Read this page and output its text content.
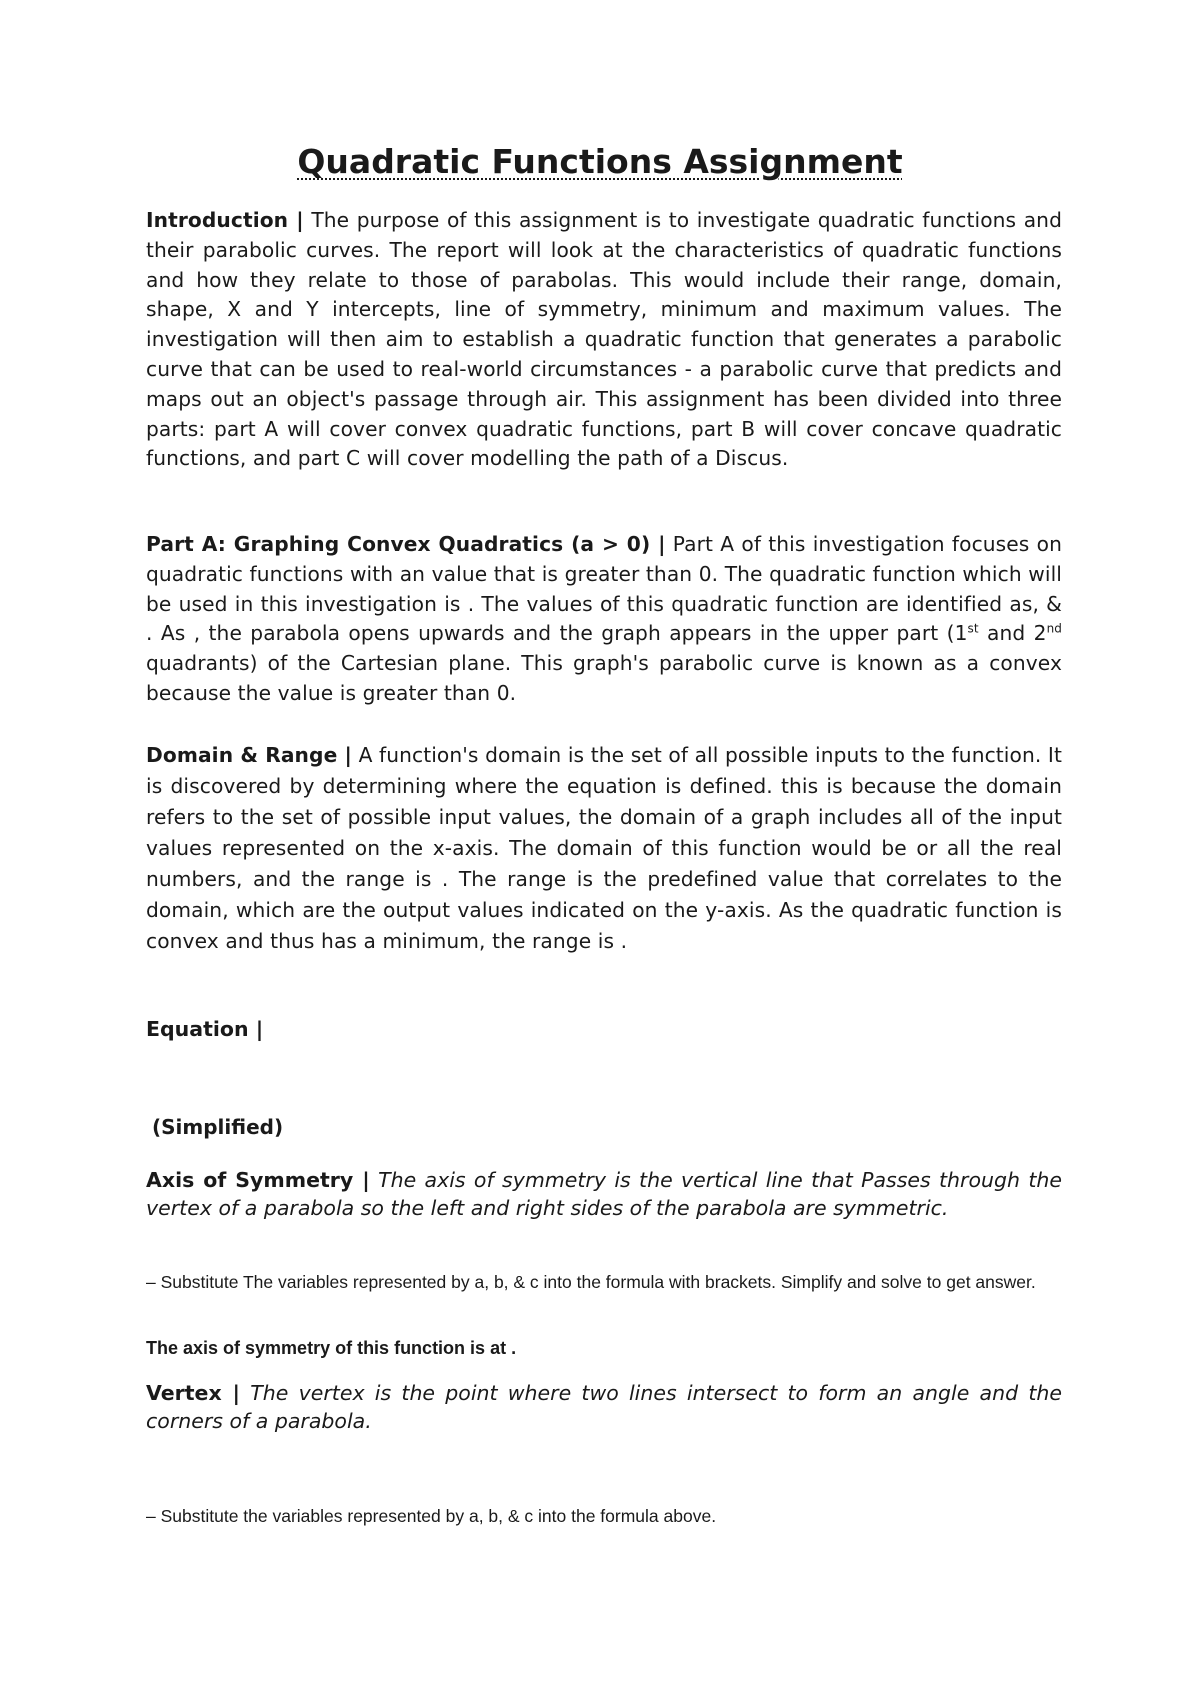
Quadratic Functions Assignment
Introduction | The purpose of this assignment is to investigate quadratic functions and their parabolic curves. The report will look at the characteristics of quadratic functions and how they relate to those of parabolas. This would include their range, domain, shape, X and Y intercepts, line of symmetry, minimum and maximum values. The investigation will then aim to establish a quadratic function that generates a parabolic curve that can be used to real-world circumstances - a parabolic curve that predicts and maps out an object's passage through air. This assignment has been divided into three parts: part A will cover convex quadratic functions, part B will cover concave quadratic functions, and part C will cover modelling the path of a Discus.
Part A: Graphing Convex Quadratics (a > 0) | Part A of this investigation focuses on quadratic functions with an value that is greater than 0. The quadratic function which will be used in this investigation is . The values of this quadratic function are identified as, & . As , the parabola opens upwards and the graph appears in the upper part (1st and 2nd quadrants) of the Cartesian plane. This graph's parabolic curve is known as a convex because the value is greater than 0.
Domain & Range | A function's domain is the set of all possible inputs to the function. It is discovered by determining where the equation is defined. this is because the domain refers to the set of possible input values, the domain of a graph includes all of the input values represented on the x-axis. The domain of this function would be or all the real numbers, and the range is . The range is the predefined value that correlates to the domain, which are the output values indicated on the y-axis. As the quadratic function is convex and thus has a minimum, the range is .
Equation |
(Simplified)
Axis of Symmetry | The axis of symmetry is the vertical line that Passes through the vertex of a parabola so the left and right sides of the parabola are symmetric.
– Substitute The variables represented by a, b, & c into the formula with brackets. Simplify and solve to get answer.
The axis of symmetry of this function is at .
Vertex | The vertex is the point where two lines intersect to form an angle and the corners of a parabola.
– Substitute the variables represented by a, b, & c into the formula above.
